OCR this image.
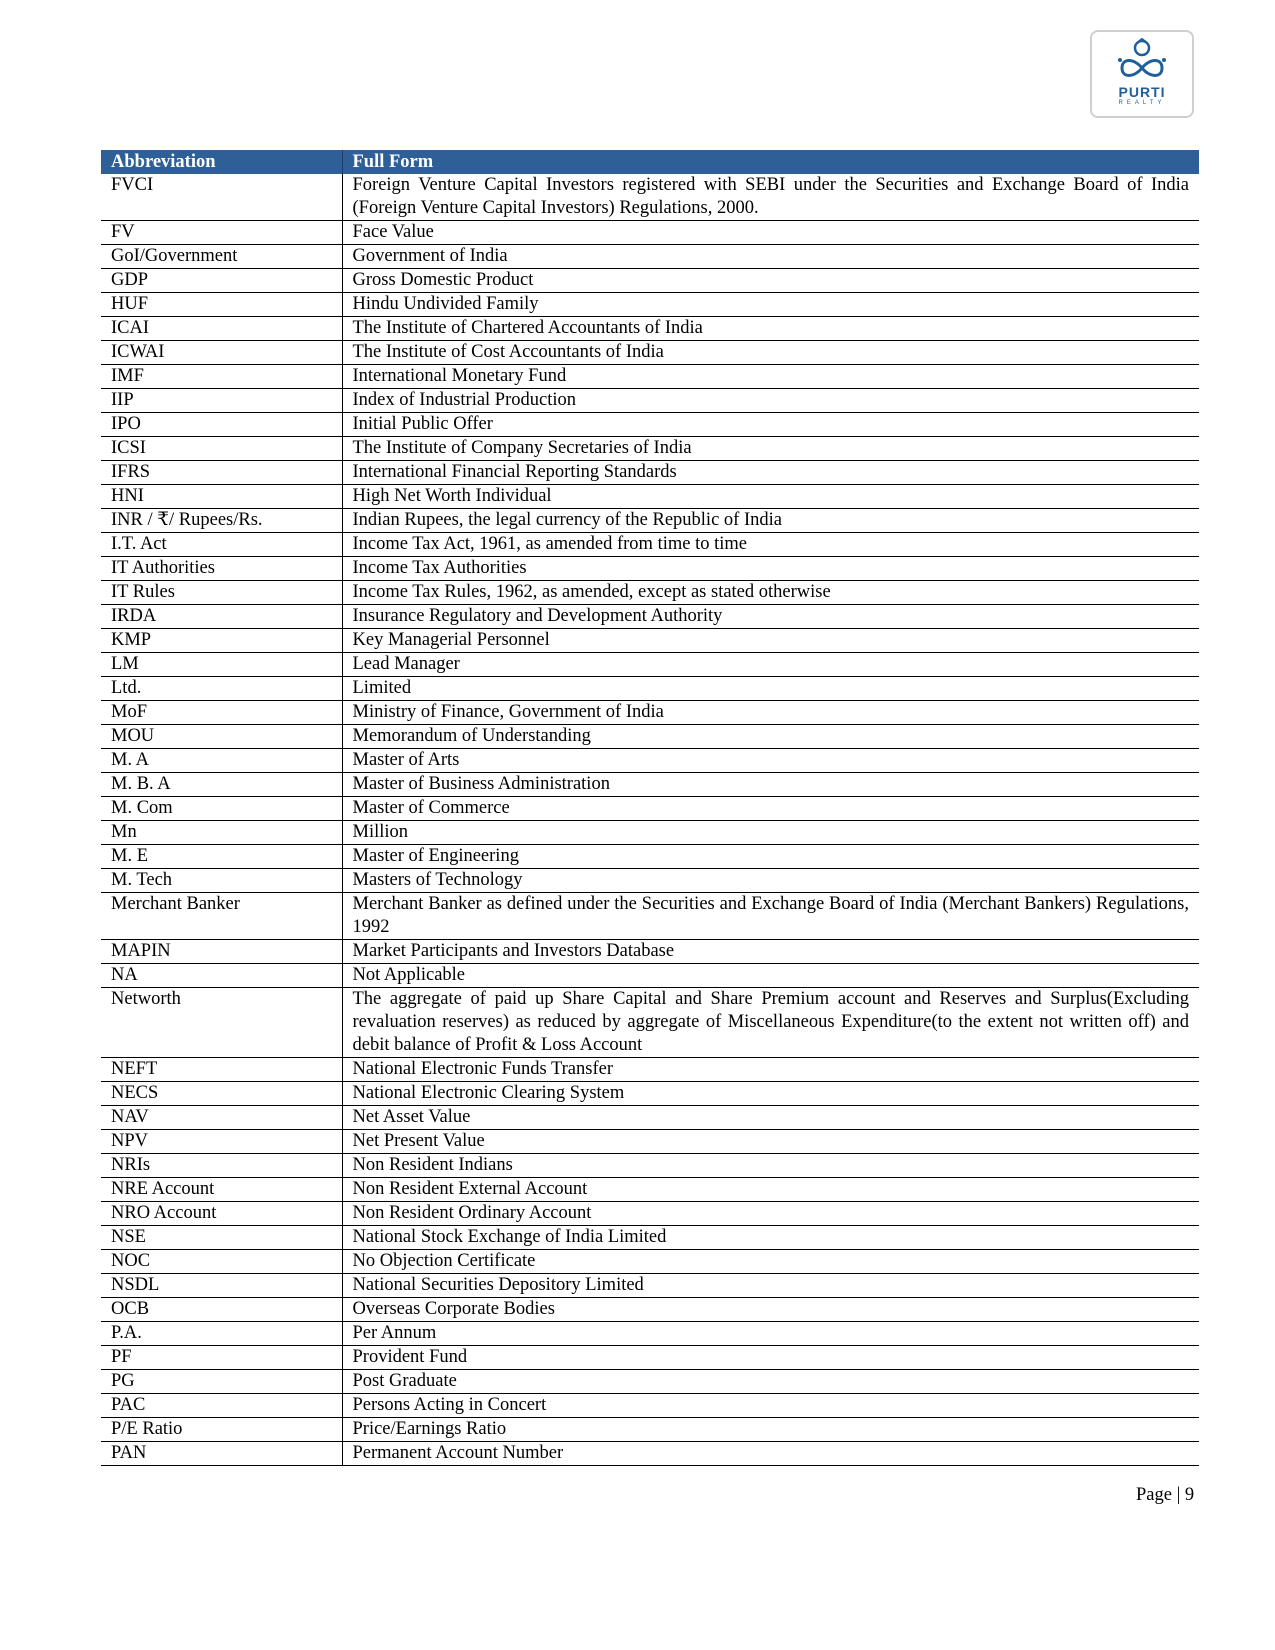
PURTI
REALTY
Abbreviation	Full Form
FVCI	Foreign Venture Capital Investors registered with SEBI under the Securities and Exchange Board of India (Foreign Venture Capital Investors) Regulations, 2000.
FV	Face Value
GoI/Government	Government of India
GDP	Gross Domestic Product
HUF	Hindu Undivided Family
ICAI	The Institute of Chartered Accountants of India
ICWAI	The Institute of Cost Accountants of India
IMF	International Monetary Fund
IIP	Index of Industrial Production
IPO	Initial Public Offer
ICSI	The Institute of Company Secretaries of India
IFRS	International Financial Reporting Standards
HNI	High Net Worth Individual
INR / ₹/ Rupees/Rs.	Indian Rupees, the legal currency of the Republic of India
I.T. Act	Income Tax Act, 1961, as amended from time to time
IT Authorities	Income Tax Authorities
IT Rules	Income Tax Rules, 1962, as amended, except as stated otherwise
IRDA	Insurance Regulatory and Development Authority
KMP	Key Managerial Personnel
LM	Lead Manager
Ltd.	Limited
MoF	Ministry of Finance, Government of India
MOU	Memorandum of Understanding
M. A	Master of Arts
M. B. A	Master of Business Administration
M. Com	Master of Commerce
Mn	Million
M. E	Master of Engineering
M. Tech	Masters of Technology
Merchant Banker	Merchant Banker as defined under the Securities and Exchange Board of India (Merchant Bankers) Regulations, 1992
MAPIN	Market Participants and Investors Database
NA	Not Applicable
Networth	The aggregate of paid up Share Capital and Share Premium account and Reserves and Surplus(Excluding revaluation reserves) as reduced by aggregate of Miscellaneous Expenditure(to the extent not written off) and debit balance of Profit & Loss Account
NEFT	National Electronic Funds Transfer
NECS	National Electronic Clearing System
NAV	Net Asset Value
NPV	Net Present Value
NRIs	Non Resident Indians
NRE Account	Non Resident External Account
NRO Account	Non Resident Ordinary Account
NSE	National Stock Exchange of India Limited
NOC	No Objection Certificate
NSDL	National Securities Depository Limited
OCB	Overseas Corporate Bodies
P.A.	Per Annum
PF	Provident Fund
PG	Post Graduate
PAC	Persons Acting in Concert
P/E Ratio	Price/Earnings Ratio
PAN	Permanent Account Number
Page | 9
